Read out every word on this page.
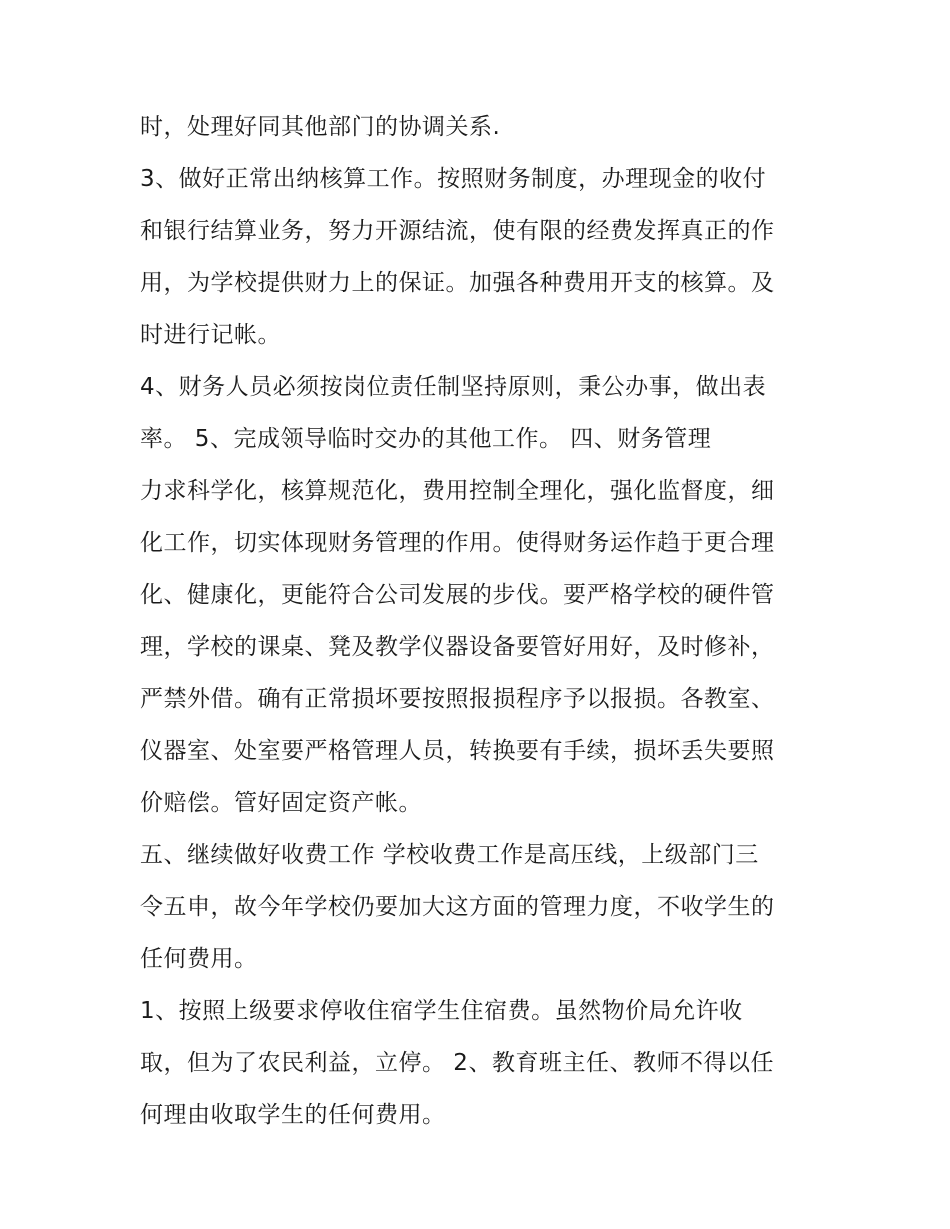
时，处理好同其他部门的协调关系.
3、做好正常出纳核算工作。按照财务制度，办理现金的收付
和银行结算业务，努力开源结流，使有限的经费发挥真正的作
用，为学校提供财力上的保证。加强各种费用开支的核算。及
时进行记帐。
4、财务人员必须按岗位责任制坚持原则，秉公办事，做出表
率。 5、完成领导临时交办的其他工作。 四、财务管理
力求科学化，核算规范化，费用控制全理化，强化监督度，细
化工作，切实体现财务管理的作用。使得财务运作趋于更合理
化、健康化，更能符合公司发展的步伐。要严格学校的硬件管
理，学校的课桌、凳及教学仪器设备要管好用好，及时修补，
严禁外借。确有正常损坏要按照报损程序予以报损。各教室、
仪器室、处室要严格管理人员，转换要有手续，损坏丢失要照
价赔偿。管好固定资产帐。
五、继续做好收费工作 学校收费工作是高压线，上级部门三
令五申，故今年学校仍要加大这方面的管理力度，不收学生的
任何费用。
1、按照上级要求停收住宿学生住宿费。虽然物价局允许收
取，但为了农民利益，立停。 2、教育班主任、教师不得以任
何理由收取学生的任何费用。
